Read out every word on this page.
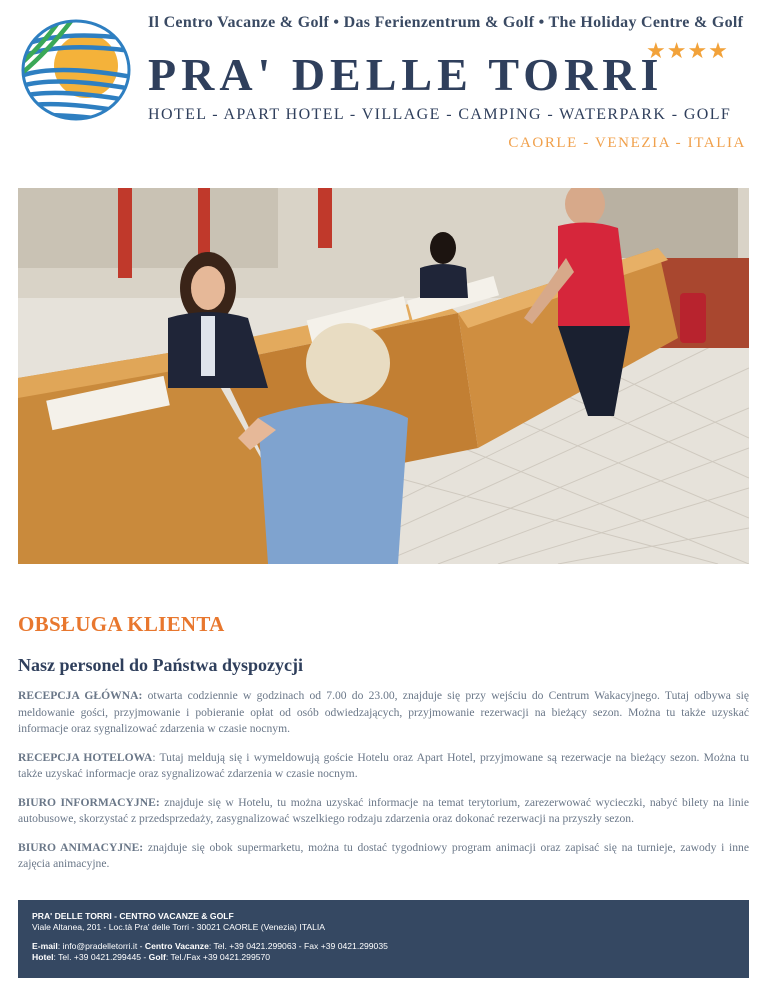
Il Centro Vacanze & Golf • Das Ferienzentrum & Golf • The Holiday Centre & Golf
★★★★
PRA' DELLE TORRI
HOTEL - APART HOTEL - VILLAGE - CAMPING - WATERPARK - GOLF
CAORLE - VENEZIA - ITALIA
OBSŁUGA KLIENTA
Nasz personel do Państwa dyspozycji

RECEPCJA GŁÓWNA: otwarta codziennie w godzinach od 7.00 do 23.00, znajduje się przy wejściu do Centrum Wakacyjnego. Tutaj odbywa się meldowanie gości, przyjmowanie i pobieranie opłat od osób odwiedzających, przyjmowanie rezerwacji na bieżący sezon. Można tu także uzyskać informacje oraz sygnalizować zdarzenia w czasie nocnym.

RECEPCJA HOTELOWA: Tutaj meldują się i wymeldowują goście Hotelu oraz Apart Hotel, przyjmowane są rezerwacje na bieżący sezon. Można tu także uzyskać informacje oraz sygnalizować zdarzenia w czasie nocnym.

BIURO INFORMACYJNE: znajduje się w Hotelu, tu można uzyskać informacje na temat terytorium, zarezerwować wycieczki, nabyć bilety na linie autobusowe, skorzystać z przedsprzedaży, zasygnalizować wszelkiego rodzaju zdarzenia oraz dokonać rezerwacji na przyszły sezon.

BIURO ANIMACYJNE: znajduje się obok supermarketu, można tu dostać tygodniowy program animacji oraz zapisać się na turnieje, zawody i inne zajęcia animacyjne.

PRA' DELLE TORRI - CENTRO VACANZE & GOLF
Viale Altanea, 201 - Loc.tà Pra' delle Torri - 30021 CAORLE (Venezia) ITALIA
E-mail: info@pradelletorri.it - Centro Vacanze: Tel. +39 0421.299063 - Fax +39 0421.299035
Hotel: Tel. +39 0421.299445 - Golf: Tel./Fax +39 0421.299570
